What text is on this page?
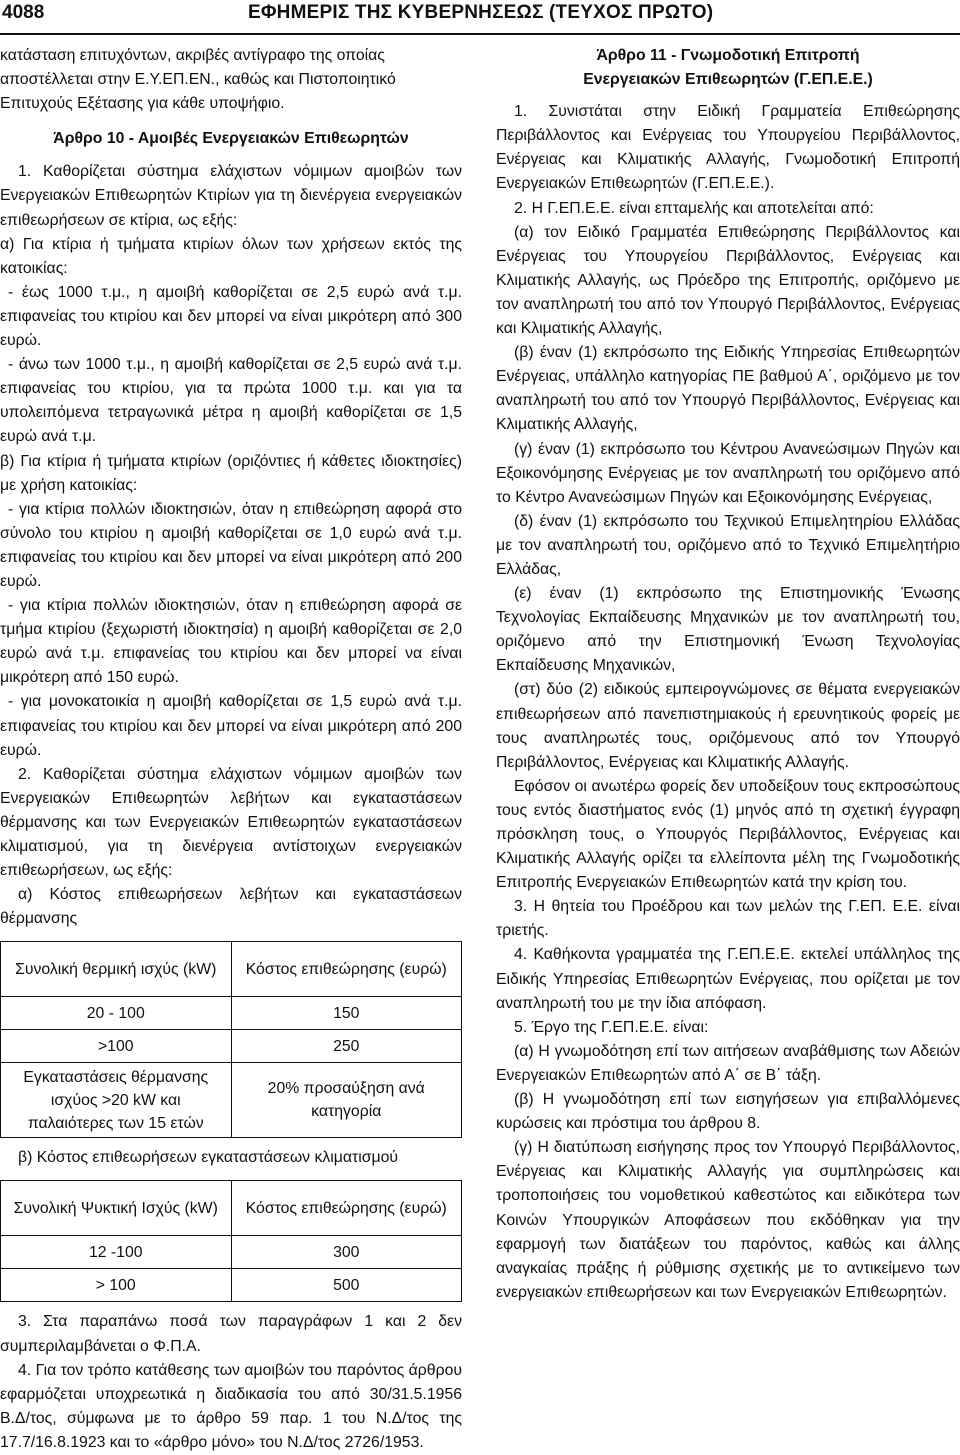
4088	ΕΦΗΜΕΡΙΣ ΤΗΣ ΚΥΒΕΡΝΗΣΕΩΣ (ΤΕΥΧΟΣ ΠΡΩΤΟ)

κατάσταση επιτυχόντων, ακριβές αντίγραφο της οποίας

αποστέλλεται στην Ε.Υ.ΕΠ.ΕΝ., καθώς και Πιστοποιητικό

Επιτυχούς Εξέτασης για κάθε υποψήφιο.

Άρθρο 10 - Αμοιβές Ενεργειακών Επιθεωρητών

1. Καθορίζεται σύστημα ελάχιστων νόμιμων αμοιβών των Ενεργειακών Επιθεωρητών Κτιρίων για τη διενέργεια ενεργειακών επιθεωρήσεων σε κτίρια, ως εξής:

α) Για κτίρια ή τμήματα κτιρίων όλων των χρήσεων εκτός της κατοικίας:

- έως 1000 τ.μ., η αμοιβή καθορίζεται σε 2,5 ευρώ ανά τ.μ. επιφανείας του κτιρίου και δεν μπορεί να είναι μικρότερη από 300 ευρώ.

- άνω των 1000 τ.μ., η αμοιβή καθορίζεται σε 2,5 ευρώ ανά τ.μ. επιφανείας του κτιρίου, για τα πρώτα 1000 τ.μ. και για τα υπολειπόμενα τετραγωνικά μέτρα η αμοιβή καθορίζεται σε 1,5 ευρώ ανά τ.μ.

β) Για κτίρια ή τμήματα κτιρίων (οριζόντιες ή κάθετες ιδιοκτησίες) με χρήση κατοικίας:

- για κτίρια πολλών ιδιοκτησιών, όταν η επιθεώρηση αφορά στο σύνολο του κτιρίου η αμοιβή καθορίζεται σε 1,0 ευρώ ανά τ.μ. επιφανείας του κτιρίου και δεν μπορεί να είναι μικρότερη από 200 ευρώ.

- για κτίρια πολλών ιδιοκτησιών, όταν η επιθεώρηση αφορά σε τμήμα κτιρίου (ξεχωριστή ιδιοκτησία) η αμοιβή καθορίζεται σε 2,0 ευρώ ανά τ.μ. επιφανείας του κτιρίου και δεν μπορεί να είναι μικρότερη από 150 ευρώ.

- για μονοκατοικία η αμοιβή καθορίζεται σε 1,5 ευρώ ανά τ.μ. επιφανείας του κτιρίου και δεν μπορεί να είναι μικρότερη από 200 ευρώ.

2. Καθορίζεται σύστημα ελάχιστων νόμιμων αμοιβών των Ενεργειακών Επιθεωρητών λεβήτων και εγκαταστάσεων θέρμανσης και των Ενεργειακών Επιθεωρητών εγκαταστάσεων κλιματισμού, για τη διενέργεια αντίστοιχων ενεργειακών επιθεωρήσεων, ως εξής:

α) Κόστος επιθεωρήσεων λεβήτων και εγκαταστάσεων θέρμανσης

Συνολική θερμική ισχύς (kW)	Κόστος επιθεώρησης (ευρώ)
20 - 100	150
>100	250
Εγκαταστάσεις θέρμανσης ισχύος >20 kW και παλαιότερες των 15 ετών	20% προσαύξηση ανά κατηγορία

β) Κόστος επιθεωρήσεων εγκαταστάσεων κλιματισμού

Συνολική Ψυκτική Ισχύς (kW)	Κόστος επιθεώρησης (ευρώ)
12 -100	300
> 100	500

3. Στα παραπάνω ποσά των παραγράφων 1 και 2 δεν συμπεριλαμβάνεται ο Φ.Π.Α.

4. Για τον τρόπο κατάθεσης των αμοιβών του παρόντος άρθρου εφαρμόζεται υποχρεωτικά η διαδικασία του από 30/31.5.1956 Β.Δ/τος, σύμφωνα με το άρθρο 59 παρ. 1 του Ν.Δ/τος της 17.7/16.8.1923 και το «άρθρο μόνο» του Ν.Δ/τος 2726/1953.

Άρθρο 11 - Γνωμοδοτική Επιτροπή

Ενεργειακών Επιθεωρητών (Γ.ΕΠ.Ε.Ε.)

1. Συνιστάται στην Ειδική Γραμματεία Επιθεώρησης Περιβάλλοντος και Ενέργειας του Υπουργείου Περιβάλλοντος, Ενέργειας και Κλιματικής Αλλαγής, Γνωμοδοτική Επιτροπή Ενεργειακών Επιθεωρητών (Γ.ΕΠ.Ε.Ε.).

2. Η Γ.ΕΠ.Ε.Ε. είναι επταμελής και αποτελείται από:

(α) τον Ειδικό Γραμματέα Επιθεώρησης Περιβάλλοντος και Ενέργειας του Υπουργείου Περιβάλλοντος, Ενέργειας και Κλιματικής Αλλαγής, ως Πρόεδρο της Επιτροπής, οριζόμενο με τον αναπληρωτή του από τον Υπουργό Περιβάλλοντος, Ενέργειας και Κλιματικής Αλλαγής,

(β) έναν (1) εκπρόσωπο της Ειδικής Υπηρεσίας Επιθεωρητών Ενέργειας, υπάλληλο κατηγορίας ΠΕ βαθμού Α΄, οριζόμενο με τον αναπληρωτή του από τον Υπουργό Περιβάλλοντος, Ενέργειας και Κλιματικής Αλλαγής,

(γ) έναν (1) εκπρόσωπο του Κέντρου Ανανεώσιμων Πηγών και Εξοικονόμησης Ενέργειας με τον αναπληρωτή του οριζόμενο από το Κέντρο Ανανεώσιμων Πηγών και Εξοικονόμησης Ενέργειας,

(δ) έναν (1) εκπρόσωπο του Τεχνικού Επιμελητηρίου Ελλάδας με τον αναπληρωτή του, οριζόμενο από το Τεχνικό Επιμελητήριο Ελλάδας,

(ε) έναν (1) εκπρόσωπο της Επιστημονικής Ένωσης Τεχνολογίας Εκπαίδευσης Μηχανικών με τον αναπληρωτή του, οριζόμενο από την Επιστημονική Ένωση Τεχνολογίας Εκπαίδευσης Μηχανικών,

(στ) δύο (2) ειδικούς εμπειρογνώμονες σε θέματα ενεργειακών επιθεωρήσεων από πανεπιστημιακούς ή ερευνητικούς φορείς με τους αναπληρωτές τους, οριζόμενους από τον Υπουργό Περιβάλλοντος, Ενέργειας και Κλιματικής Αλλαγής.

Εφόσον οι ανωτέρω φορείς δεν υποδείξουν τους εκπροσώπους τους εντός διαστήματος ενός (1) μηνός από τη σχετική έγγραφη πρόσκληση τους, ο Υπουργός Περιβάλλοντος, Ενέργειας και Κλιματικής Αλλαγής ορίζει τα ελλείποντα μέλη της Γνωμοδοτικής Επιτροπής Ενεργειακών Επιθεωρητών κατά την κρίση του.

3. Η θητεία του Προέδρου και των μελών της Γ.ΕΠ. Ε.Ε. είναι τριετής.

4. Καθήκοντα γραμματέα της Γ.ΕΠ.Ε.Ε. εκτελεί υπάλληλος της Ειδικής Υπηρεσίας Επιθεωρητών Ενέργειας, που ορίζεται με τον αναπληρωτή του με την ίδια απόφαση.

5. Έργο της Γ.ΕΠ.Ε.Ε. είναι:

(α) Η γνωμοδότηση επί των αιτήσεων αναβάθμισης των Αδειών Ενεργειακών Επιθεωρητών από Α΄ σε Β΄ τάξη.

(β) Η γνωμοδότηση επί των εισηγήσεων για επιβαλλόμενες κυρώσεις και πρόστιμα του άρθρου 8.

(γ) Η διατύπωση εισήγησης προς τον Υπουργό Περιβάλλοντος, Ενέργειας και Κλιματικής Αλλαγής για συμπληρώσεις και τροποποιήσεις του νομοθετικού καθεστώτος και ειδικότερα των Κοινών Υπουργικών Αποφάσεων που εκδόθηκαν για την εφαρμογή των διατάξεων του παρόντος, καθώς και άλλης αναγκαίας πράξης ή ρύθμισης σχετικής με το αντικείμενο των ενεργειακών επιθεωρήσεων και των Ενεργειακών Επιθεωρητών.
